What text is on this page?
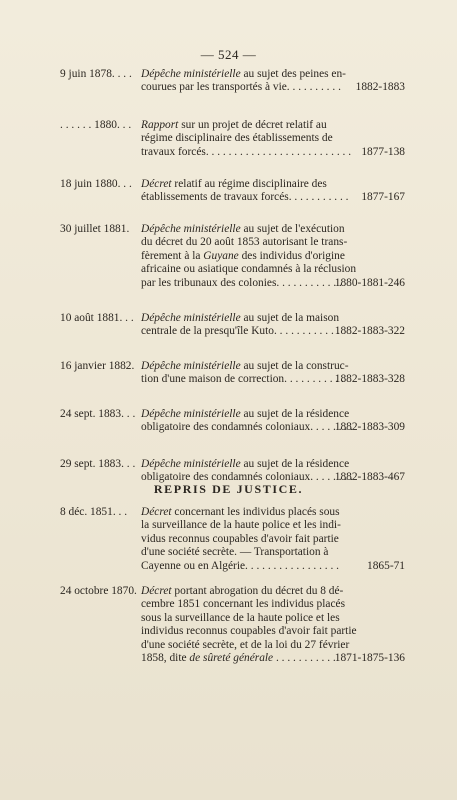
— 524 —
9 juin 1878. . . . Dépêche ministérielle au sujet des peines en-
courues par les transportés à vie. . . . . . . . . . 1882-1883
. . . . . . 1880. . . Rapport sur un projet de décret relatif au
régime disciplinaire des établissements de
travaux forcés. . . . . . . . . . . . . . . . . . . . . . . . . . 1877-138
18 juin 1880. . . Décret relatif au régime disciplinaire des
établissements de travaux forcés. . . . . . . . . . . 1877-167
30 juillet 1881.	Dépêche ministérielle au sujet de l'exécution
du décret du 20 août 1853 autorisant le trans-
fèrement à la Guyane des individus d'origine
africaine ou asiatique condamnés à la réclusion
par les tribunaux des colonies. . . . . . . . . . . .
1880-1881-246
10 août 1881. . . Dépêche ministérielle au sujet de la maison
centrale de la presqu'île Kuto. . . . . . . . . . . .
1882-1883-322
16 janvier 1882. Dépêche ministérielle au sujet de la construc-
tion d'une maison de correction. . . . . . . . . . .
1882-1883-328
24 sept. 1883. . . Dépêche ministérielle au sujet de la résidence
obligatoire des condamnés coloniaux. . . . . . . .
1882-1883-309
29 sept. 1883. . . Dépêche ministérielle au sujet de la résidence
obligatoire des condamnés coloniaux. . . . . . . .
1882-1883-467
REPRIS DE JUSTICE.
8 déc. 1851. . .	Décret concernant les individus placés sous
la surveillance de la haute police et les indi-
vidus reconnus coupables d'avoir fait partie
d'une société secrète. — Transportation à
Cayenne ou en Algérie. . . . . . . . . . . . . . . . . 1865-71
24 octobre 1870. Décret portant abrogation du décret du 8 dé-
cembre 1851 concernant les individus placés
sous la surveillance de la haute police et les
individus reconnus coupables d'avoir fait partie
d'une société secrète, et de la loi du 27 février
1858, dite de sûreté générale . . . . . . . . . . .
1871-1875-136
